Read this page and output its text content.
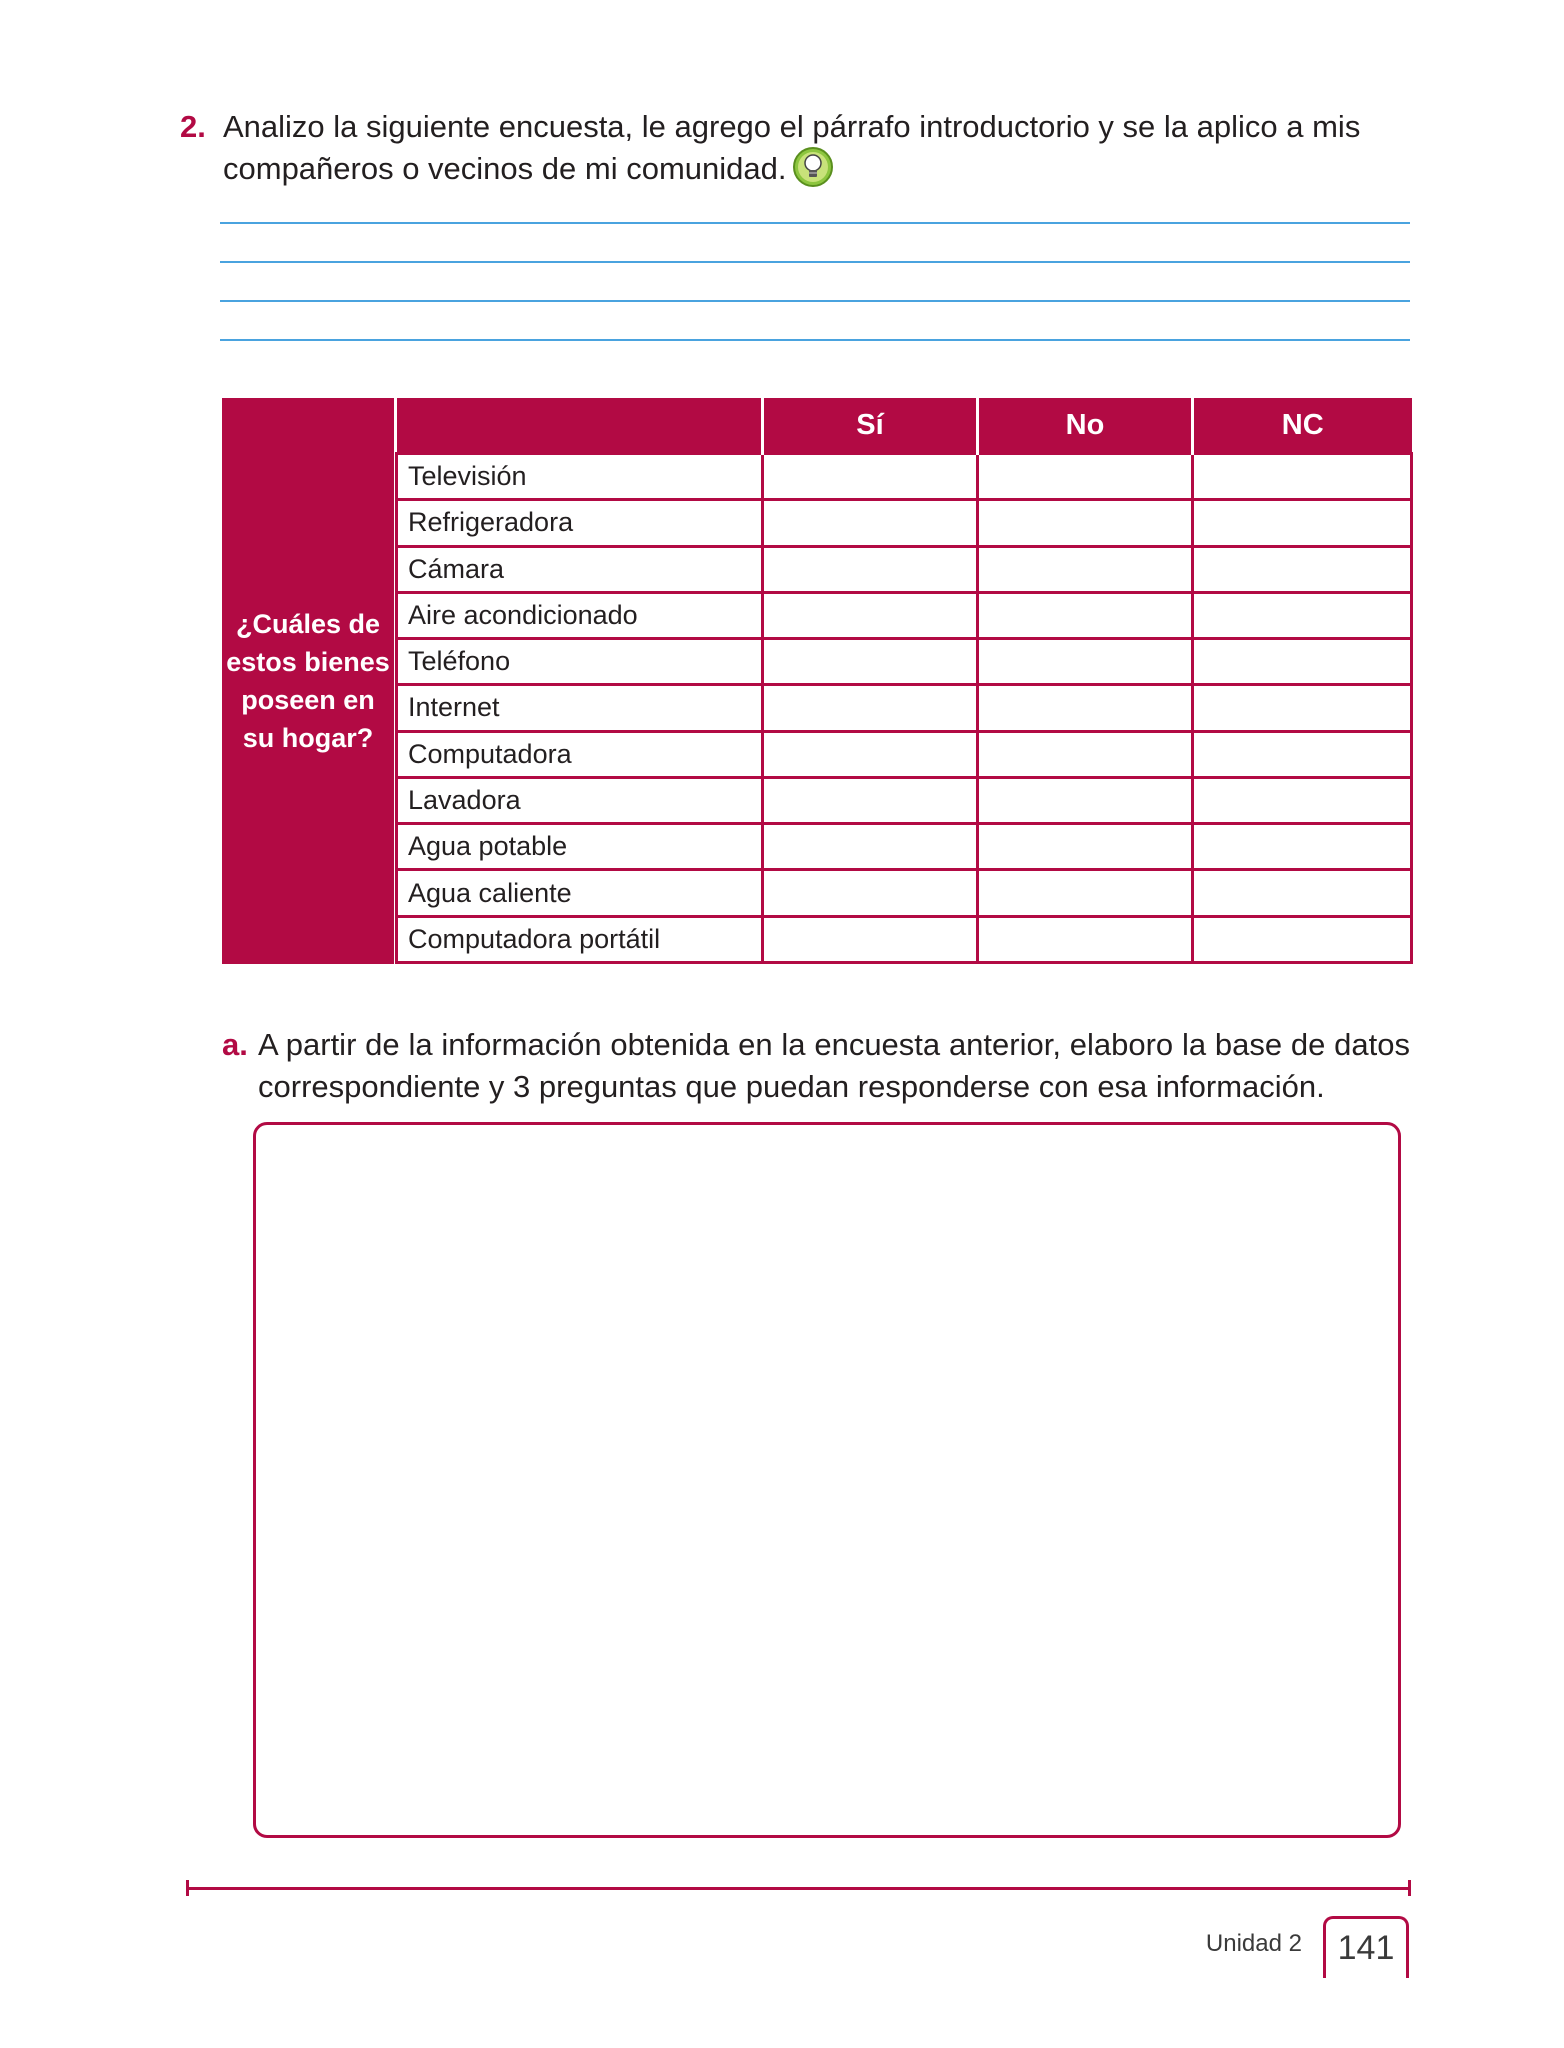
2. Analizo la siguiente encuesta, le agrego el párrafo introductorio y se la aplico a mis compañeros o vecinos de mi comunidad.
¿Cuáles de estos bienes poseen en su hogar?
	Sí	No	NC
Televisión			
Refrigeradora			
Cámara			
Aire acondicionado			
Teléfono			
Internet			
Computadora			
Lavadora			
Agua potable			
Agua caliente			
Computadora portátil			
a. A partir de la información obtenida en la encuesta anterior, elaboro la base de datos correspondiente y 3 preguntas que puedan responderse con esa información.
Unidad 2	141
